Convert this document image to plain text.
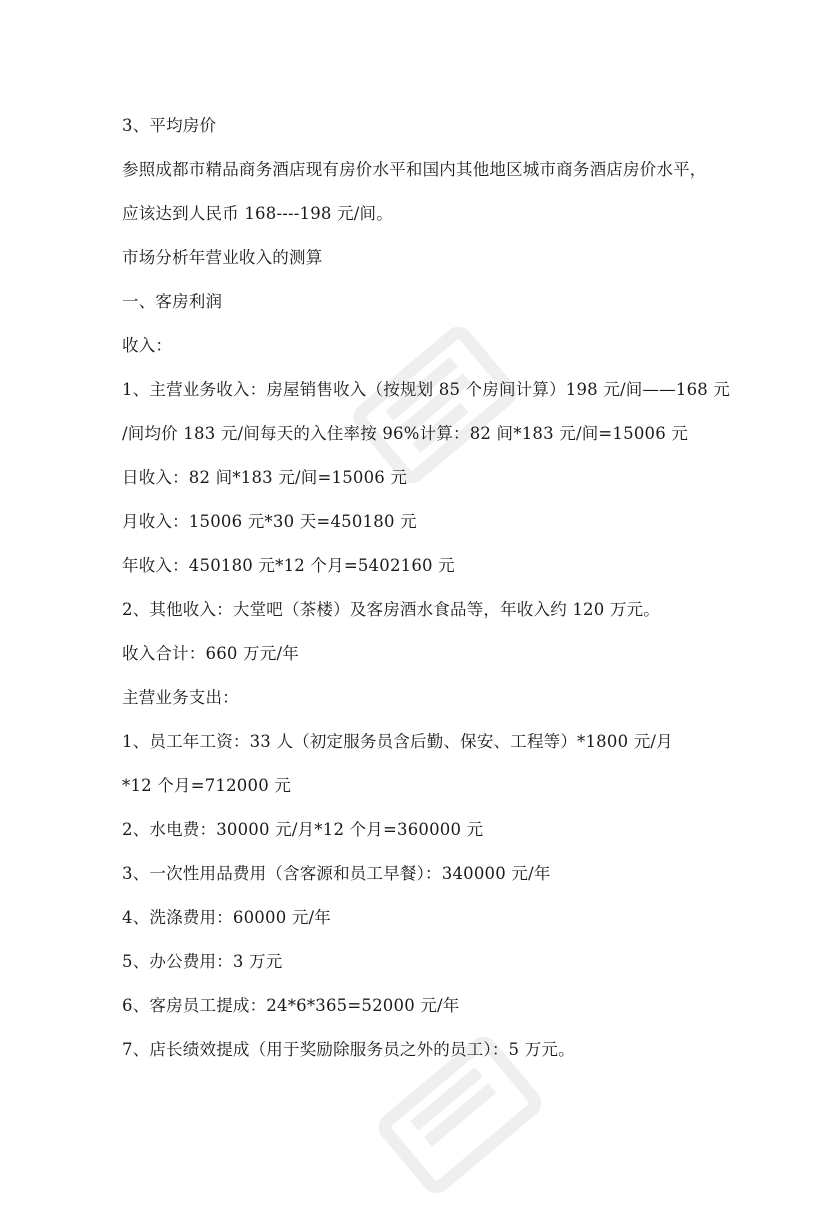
3、平均房价
参照成都市精品商务酒店现有房价水平和国内其他地区城市商务酒店房价水平，
应该达到人民币 168----198 元/间。
市场分析年营业收入的测算
一、客房利润
收入：
1、主营业务收入：房屋销售收入（按规划 85 个房间计算）198 元/间——168 元
/间均价 183 元/间每天的入住率按 96%计算：82 间*183 元/间=15006 元
日收入：82 间*183 元/间=15006 元
月收入：15006 元*30 天=450180 元
年收入：450180 元*12 个月=5402160 元
2、其他收入：大堂吧（茶楼）及客房酒水食品等，年收入约 120 万元。
收入合计：660 万元/年
主营业务支出：
1、员工年工资：33 人（初定服务员含后勤、保安、工程等）*1800 元/月
*12 个月=712000 元
2、水电费：30000 元/月*12 个月=360000 元
3、一次性用品费用（含客源和员工早餐）：340000 元/年
4、洗涤费用：60000 元/年
5、办公费用：3 万元
6、客房员工提成：24*6*365=52000 元/年
7、店长绩效提成（用于奖励除服务员之外的员工）：5 万元。
